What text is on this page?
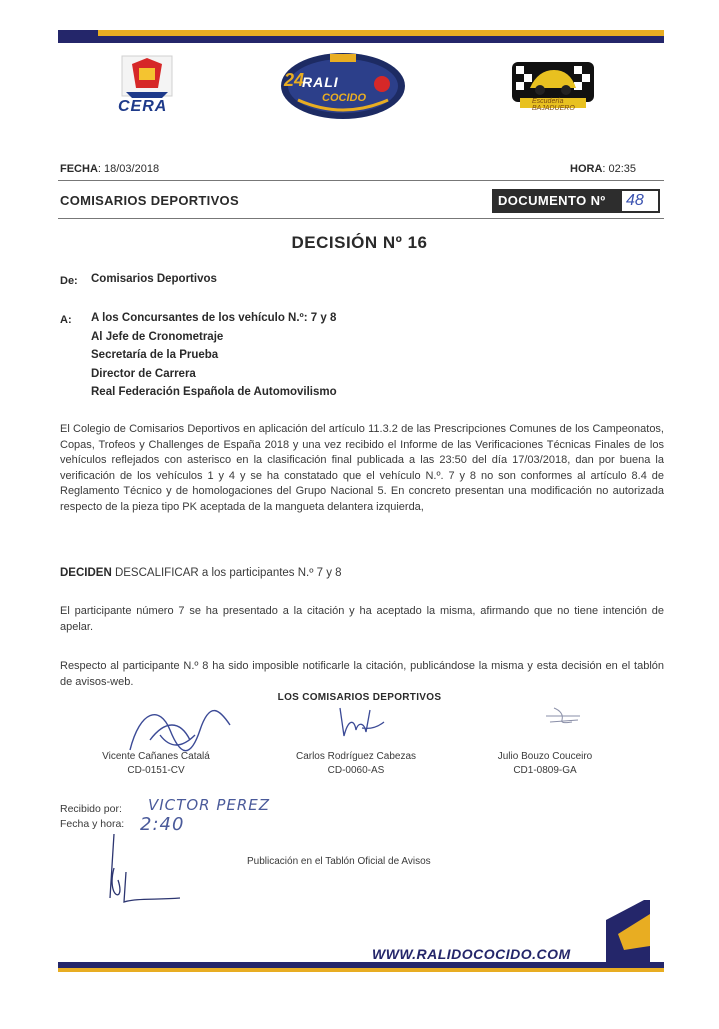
CERA
24
RALI
COCIDO	Escudería BAJADUERO
FECHA: 18/03/2018	HORA: 02:35
COMISARIOS DEPORTIVOS	DOCUMENTO Nº	48
DECISIÓN Nº 16
De: Comisarios Deportivos
A: A los Concursantes de los vehículo N.º: 7 y 8
Al Jefe de Cronometraje
Secretaría de la Prueba
Director de Carrera
Real Federación Española de Automovilismo
El Colegio de Comisarios Deportivos en aplicación del artículo 11.3.2 de las Prescripciones Comunes de los Campeonatos, Copas, Trofeos y Challenges de España 2018 y una vez recibido el Informe de las Verificaciones Técnicas Finales de los vehículos reflejados con asterisco en la clasificación final publicada a las 23:50 del día 17/03/2018, dan por buena la verificación de los vehículos 1 y 4 y se ha constatado que el vehículo N.º. 7 y 8 no son conformes al artículo 8.4 de Reglamento Técnico y de homologaciones del Grupo Nacional 5. En concreto presentan una modificación no autorizada respecto de la pieza tipo PK aceptada de la mangueta delantera izquierda,
DECIDEN DESCALIFICAR a los participantes N.º 7 y 8
El participante número 7 se ha presentado a la citación y ha aceptado la misma, afirmando que no tiene intención de apelar.
Respecto al participante N.º 8 ha sido imposible notificarle la citación, publicándose la misma y esta decisión en el tablón de avisos-web.
LOS COMISARIOS DEPORTIVOS
Vicente Cañanes Catalá
CD-0151-CV
Carlos Rodríguez Cabezas
CD-0060-AS
Julio Bouzo Couceiro
CD1-0809-GA
Recibido por: VICTOR PEREZ
Fecha y hora: 2:40
Publicación en el Tablón Oficial de Avisos
WWW.RALIDOCOCIDO.COM
